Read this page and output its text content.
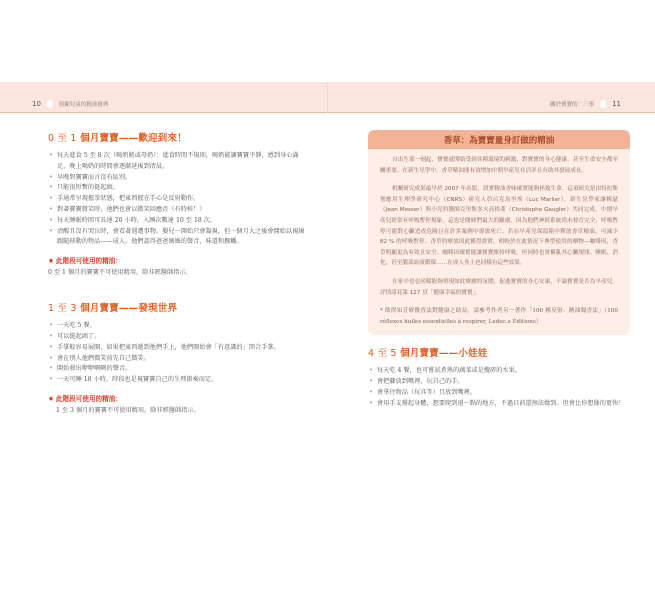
10	照顧兒童的精油寶典	關於寶寶的二三事	11
0 至 1 個月寶寶——歡迎到來！
• 每天進食 5 至 8 次（喝奶瓶或母奶）：進食時間不規則，喝奶能讓寶寶平靜，感到身心滿足，晚上喝奶的時間會逐漸延後到清晨。
• 早晚對寶寶而言沒有區別。
• 只能很短暫的挺起頭。
• 手通常呈現握拳狀態，把東西握在手心是反射動作。
• 對著寶寶微笑時，他們也會以微笑回應否（有時候！）
• 每天睡眠時間可長達 20 小時，入睡次數達 10 至 18 次。
• 清醒且沒有哭泣時，會看著週遭事物。嬰兒一開始只會凝視，但一個月大之後會開始以視線跟隨移動的物品——成人。他們認得爸爸媽媽的聲音，味道和撫觸。
♦ 此階段可使用的精油：
0 至 1 個月的寶寶不可使用精用，除非經醫師指示。
1 至 3 個月寶寶——發現世界
• 一天吃 5 餐。
• 可以挺起頭了。
• 手掌較容易展開，如果把東西遞到他們手上，他們開始會「有意識的」閉合手掌。
• 會在別人他們微笑前先自己微笑。
• 開始發出咿咿啊啊的聲音。
• 一天可睡 18 小時，時段也是視寶寶自己的生理節奏而定。
♦ 此階段可使用的精油：
1 至 3 個月的寶寶不可使用精用，除非經醫師指示。
香草：為寶寶量身訂做的精油

自出生那一刻起，寶寶就開始受到各種環境的刺激，對寶寶的身心健康，甚至生命安全都至關重要。在新生兒學中，香草精油能有效增加中期早產兒存活率且有助其發展成長。

相關研究成果最早於 2007 年出版，證實精油香味確實能夠拯救生命。這項研究是由特拉斯堡應用生理學研究中心（CNRS）研究人員呂克馬里埃（Luc Marlier）、新生兒學家讓梅瑟（Jean Messer）與小兒科醫師克里斯多夫高格萊（Christophe Gaugler）共同完成。中期早產兒經常有呼吸暫停現象，這也是醫師們最大的顧慮，因為他們神經系統尚未發育完全，呼吸暫停可能對心臟造成危險且在許多案例中導致死亡。若在早產兒保溫箱中釋放香草精油，可減少 82 % 的呼吸暫停。香草的療效因此獲得證實，相較於在此情況下典型使用的藥物—咖啡因，香草明顯更為有效且安全。咖啡因確實能讓寶寶維持呼吸，但同時也會擾亂其心臟規律、睡眠、消化，甚至腦部血液循環……在成人身上也同樣有這些效果。

在家中也也同樣能夠重現如此療癒的氛圍，促進寶寶的身心安康，不論寶寶是否為早產兒。詳情請見第 127 頁「健康幸福的寶寶」。

* 欲得知芳療醫香法對健康之助益，請參考作者另一著作「100 種反射：精油聞香法」（100 réflexes huiles essentielles à respirer, Leduc.s Éditions）

4 至 5 個月寶寶——小娃娃
• 每天吃 4 餐，也可嘗試煮熟的蔬菜或是攪碎的水果。
• 會把腳放到嘴裡，玩自己的手。
• 會拿住物品（玩具等）且放到嘴裡。
• 會用手支撐起身體，想要爬到遠一點的地方，不過目前還無法做到。但會比你想像的更快！
